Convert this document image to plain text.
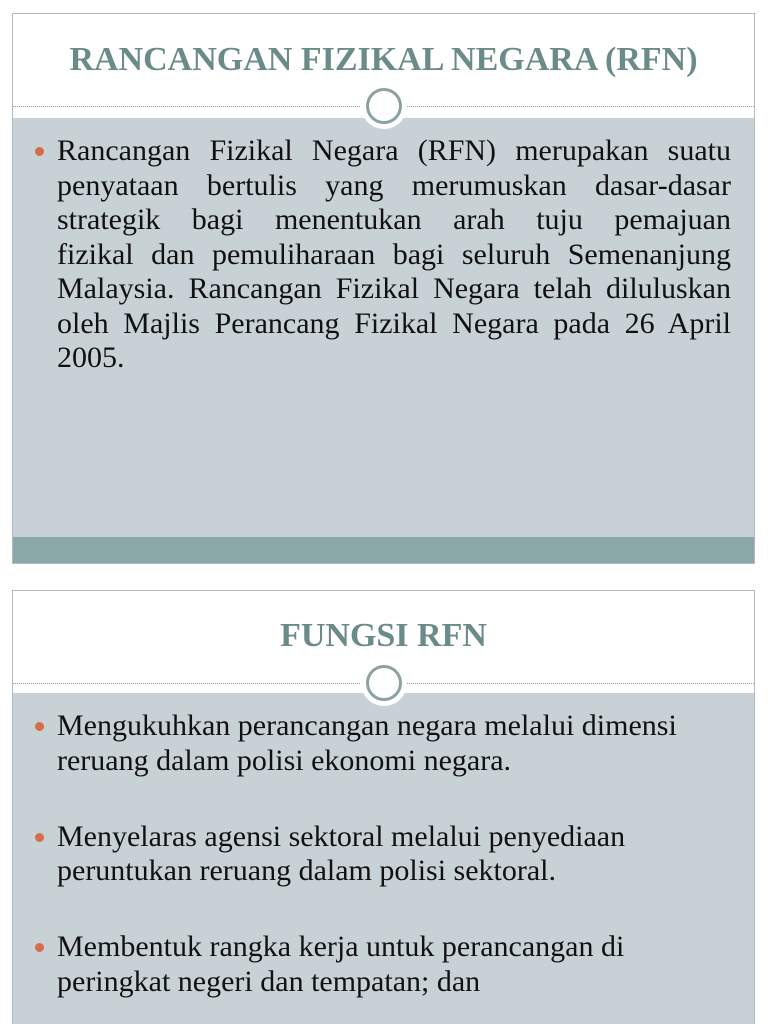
RANCANGAN FIZIKAL NEGARA (RFN)
Rancangan Fizikal Negara (RFN) merupakan suatu
penyataan bertulis yang merumuskan dasar-dasar
strategik bagi menentukan arah tuju pemajuan
fizikal dan pemuliharaan bagi seluruh Semenanjung
Malaysia. Rancangan Fizikal Negara telah diluluskan
oleh Majlis Perancang Fizikal Negara pada 26 April
2005.
FUNGSI RFN
Mengukuhkan perancangan negara melalui dimensi
reruang dalam polisi ekonomi negara.
Menyelaras agensi sektoral melalui penyediaan
peruntukan reruang dalam polisi sektoral.
Membentuk rangka kerja untuk perancangan di
peringkat negeri dan tempatan; dan
